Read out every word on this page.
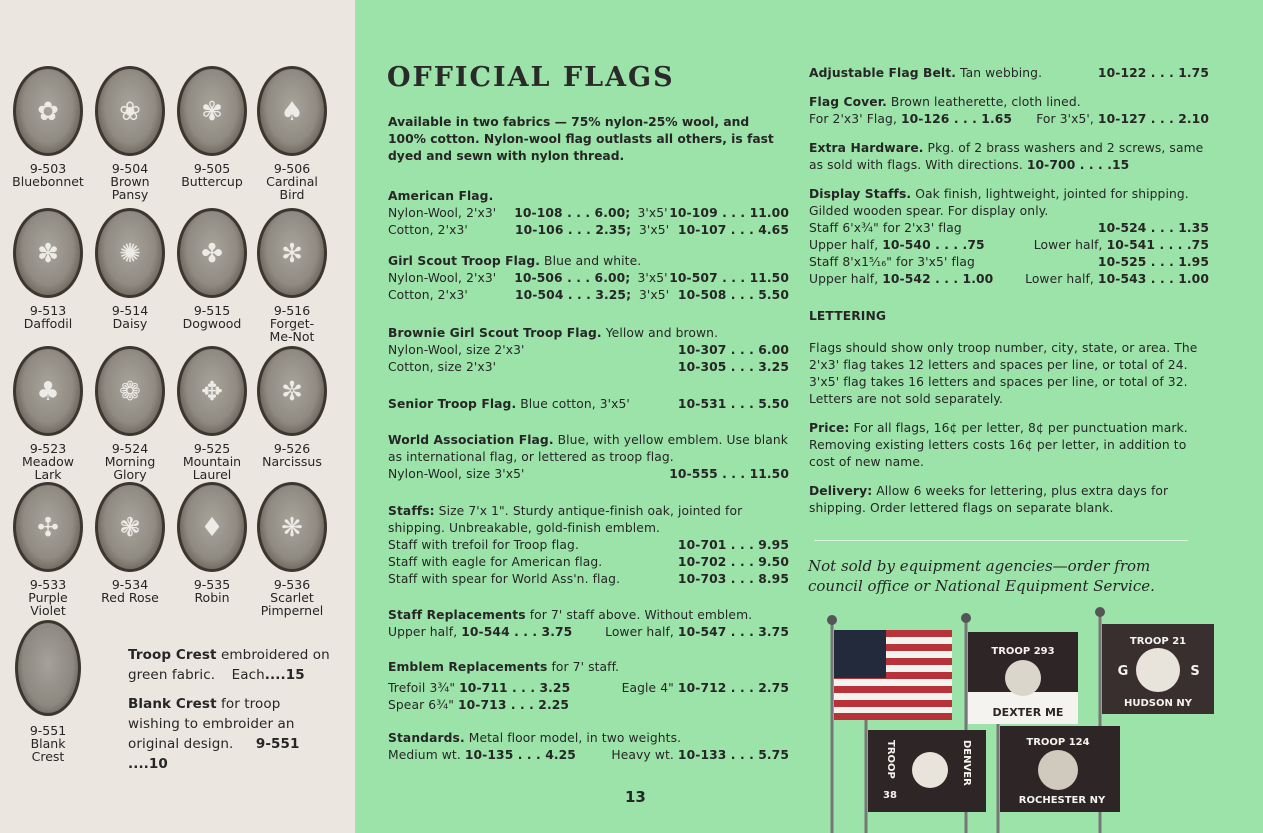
✿
9-503
Bluebonnet
❀
9-504
Brown
Pansy
✾
9-505
Buttercup
♠
9-506
Cardinal
Bird
✽
9-513
Daffodil
✺
9-514
Daisy
✤
9-515
Dogwood
✻
9-516
Forget-
Me-Not
♣
9-523
Meadow
Lark
❁
9-524
Morning
Glory
✥
9-525
Mountain
Laurel
✼
9-526
Narcissus
✣
9-533
Purple
Violet
❃
9-534
Red Rose
♦
9-535
Robin
❋
9-536
Scarlet
Pimpernel
9-551
Blank
Crest
Troop Crest embroidered on green fabric. Each....15
Blank Crest for troop wishing to embroider an original design. 9-551 ....10
OFFICIAL FLAGS
Available in two fabrics — 75% nylon-25% wool, and 100% cotton. Nylon-wool flag outlasts all others, is fast dyed and sewn with nylon thread.
American Flag.
Nylon-Wool, 2'x3'	10-108 . . . 6.00; 3'x5' 10-109 . . . 11.00
Cotton, 2'x3'	10-106 . . . 2.35; 3'x5' 10-107 . . . 4.65
Girl Scout Troop Flag. Blue and white.
Nylon-Wool, 2'x3'	10-506 . . . 6.00; 3'x5' 10-507 . . . 11.50
Cotton, 2'x3'	10-504 . . . 3.25; 3'x5' 10-508 . . . 5.50
Brownie Girl Scout Troop Flag. Yellow and brown.
Nylon-Wool, size 2'x3'	10-307 . . . 6.00
Cotton, size 2'x3'	10-305 . . . 3.25
Senior Troop Flag. Blue cotton, 3'x5'	10-531 . . . 5.50
World Association Flag. Blue, with yellow emblem. Use blank as international flag, or lettered as troop flag.
Nylon-Wool, size 3'x5'	10-555 . . . 11.50
Staffs: Size 7'x 1". Sturdy antique-finish oak, jointed for shipping. Unbreakable, gold-finish emblem.
Staff with trefoil for Troop flag.	10-701 . . . 9.95
Staff with eagle for American flag.	10-702 . . . 9.50
Staff with spear for World Ass'n. flag.	10-703 . . . 8.95
Staff Replacements for 7' staff above. Without emblem.
Upper half, 10-544 . . . 3.75	Lower half, 10-547 . . . 3.75
Emblem Replacements for 7' staff.
Trefoil 3¾" 10-711 . . . 3.25	Eagle 4" 10-712 . . . 2.75
Spear 6¾" 10-713 . . . 2.25
Standards. Metal floor model, in two weights.
Medium wt. 10-135 . . . 4.25	Heavy wt. 10-133 . . . 5.75
13
Adjustable Flag Belt. Tan webbing.	10-122 . . . 1.75
Flag Cover. Brown leatherette, cloth lined.
For 2'x3' Flag, 10-126 . . . 1.65 For 3'x5', 10-127 . . . 2.10
Extra Hardware. Pkg. of 2 brass washers and 2 screws, same as sold with flags. With directions. 10-700 . . . .15
Display Staffs. Oak finish, lightweight, jointed for shipping. Gilded wooden spear. For display only.
Staff 6'x¾" for 2'x3' flag	10-524 . . . 1.35
Upper half, 10-540 . . . .75	Lower half, 10-541 . . . .75
Staff 8'x1⁵⁄₁₆" for 3'x5' flag	10-525 . . . 1.95
Upper half, 10-542 . . . 1.00	Lower half, 10-543 . . . 1.00
LETTERING
Flags should show only troop number, city, state, or area. The 2'x3' flag takes 12 letters and spaces per line, or total of 24. 3'x5' flag takes 16 letters and spaces per line, or total of 32. Letters are not sold separately.
Price: For all flags, 16¢ per letter, 8¢ per punctuation mark. Removing existing letters costs 16¢ per letter, in addition to cost of new name.
Delivery: Allow 6 weeks for lettering, plus extra days for shipping. Order lettered flags on separate blank.
Not sold by equipment agencies—order from council office or National Equipment Service.
TROOP 293
DEXTER ME
TROOP 21
G	S
HUDSON NY
TROOP
38
DENVER	TROOP 124
ROCHESTER NY
